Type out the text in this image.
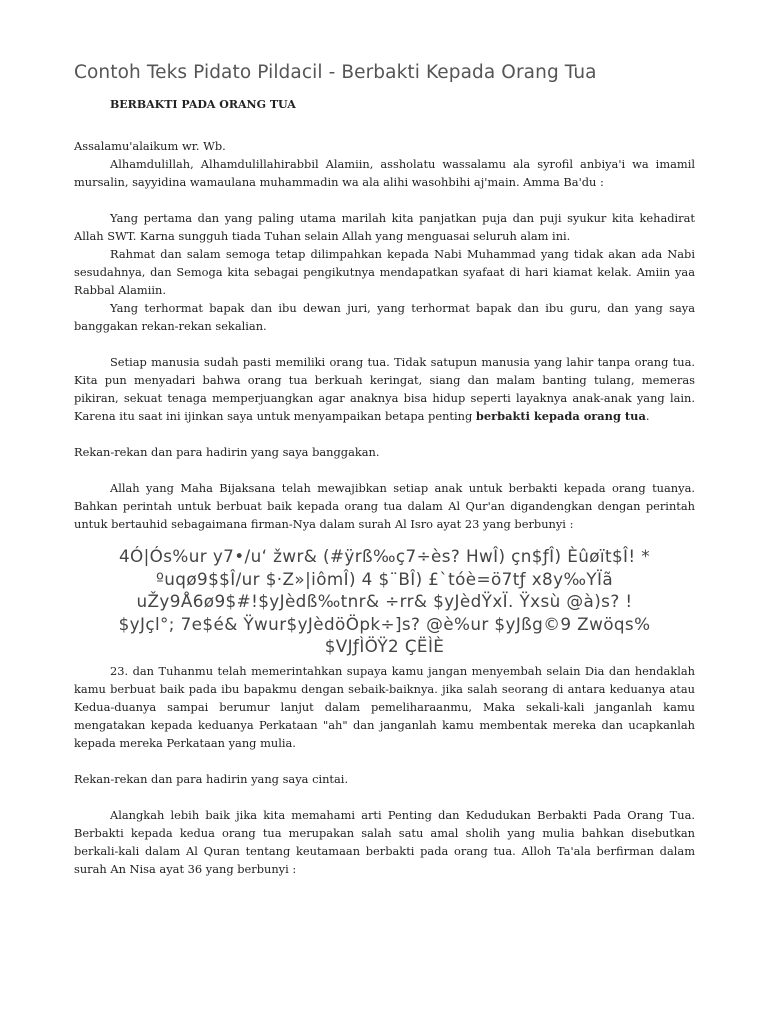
Contoh Teks Pidato Pildacil - Berbakti Kepada Orang Tua
BERBAKTI PADA ORANG TUA

Assalamu'alaikum wr. Wb.

Alhamdulillah, Alhamdulillahirabbil Alamiin, assholatu wassalamu ala syrofil anbiya'i wa imamil mursalin, sayyidina wamaulana muhammadin wa ala alihi wasohbihi aj'main. Amma Ba'du :

Yang pertama dan yang paling utama marilah kita panjatkan puja dan puji syukur kita kehadirat Allah SWT. Karna sungguh tiada Tuhan selain Allah yang menguasai seluruh alam ini.

Rahmat dan salam semoga tetap dilimpahkan kepada Nabi Muhammad yang tidak akan ada Nabi sesudahnya, dan Semoga kita sebagai pengikutnya mendapatkan syafaat di hari kiamat kelak. Amiin yaa Rabbal Alamiin.

Yang terhormat bapak dan ibu dewan juri, yang terhormat bapak dan ibu guru, dan yang saya banggakan rekan-rekan sekalian.

Setiap manusia sudah pasti memiliki orang tua. Tidak satupun manusia yang lahir tanpa orang tua. Kita pun menyadari bahwa orang tua berkuah keringat, siang dan malam banting tulang, memeras pikiran, sekuat tenaga memperjuangkan agar anaknya bisa hidup seperti layaknya anak-anak yang lain. Karena itu saat ini ijinkan saya untuk menyampaikan betapa penting berbakti kepada orang tua.

Rekan-rekan dan para hadirin yang saya banggakan.

Allah yang Maha Bijaksana telah mewajibkan setiap anak untuk berbakti kepada orang tuanya. Bahkan perintah untuk berbuat baik kepada orang tua dalam Al Qur'an digandengkan dengan perintah untuk bertauhid sebagaimana firman-Nya dalam surah Al Isro ayat 23 yang berbunyi :

4Ó|Ós%ur y7•/u‘ žwr& (#ÿrß‰ç7÷ès? HwÎ) çn$ƒÎ) Èûøït$Î! *
ºuqø9$$Î/ur $·Z»|iômÎ) 4 $¨BÎ) £`tóè=ö7tƒ x8y‰YÏã
uŽy9Å6ø9$#!$yJèdß‰tnr& ÷rr& $yJèdŸxÏ. Ÿxsù @à)s? !
$yJçl°; 7e$é& Ÿwur$yJèdöÖpk÷]s? @è%ur $yJßg©9 Zwöqs%
$VJƒÌÖŸ2 ÇËÌÈ

23. dan Tuhanmu telah memerintahkan supaya kamu jangan menyembah selain Dia dan hendaklah kamu berbuat baik pada ibu bapakmu dengan sebaik-baiknya. jika salah seorang di antara keduanya atau Kedua-duanya sampai berumur lanjut dalam pemeliharaanmu, Maka sekali-kali janganlah kamu mengatakan kepada keduanya Perkataan "ah" dan janganlah kamu membentak mereka dan ucapkanlah kepada mereka Perkataan yang mulia.

Rekan-rekan dan para hadirin yang saya cintai.

Alangkah lebih baik jika kita memahami arti Penting dan Kedudukan Berbakti Pada Orang Tua. Berbakti kepada kedua orang tua merupakan salah satu amal sholih yang mulia bahkan disebutkan berkali-kali dalam Al Quran tentang keutamaan berbakti pada orang tua. Alloh Ta'ala berfirman dalam surah An Nisa ayat 36 yang berbunyi :
